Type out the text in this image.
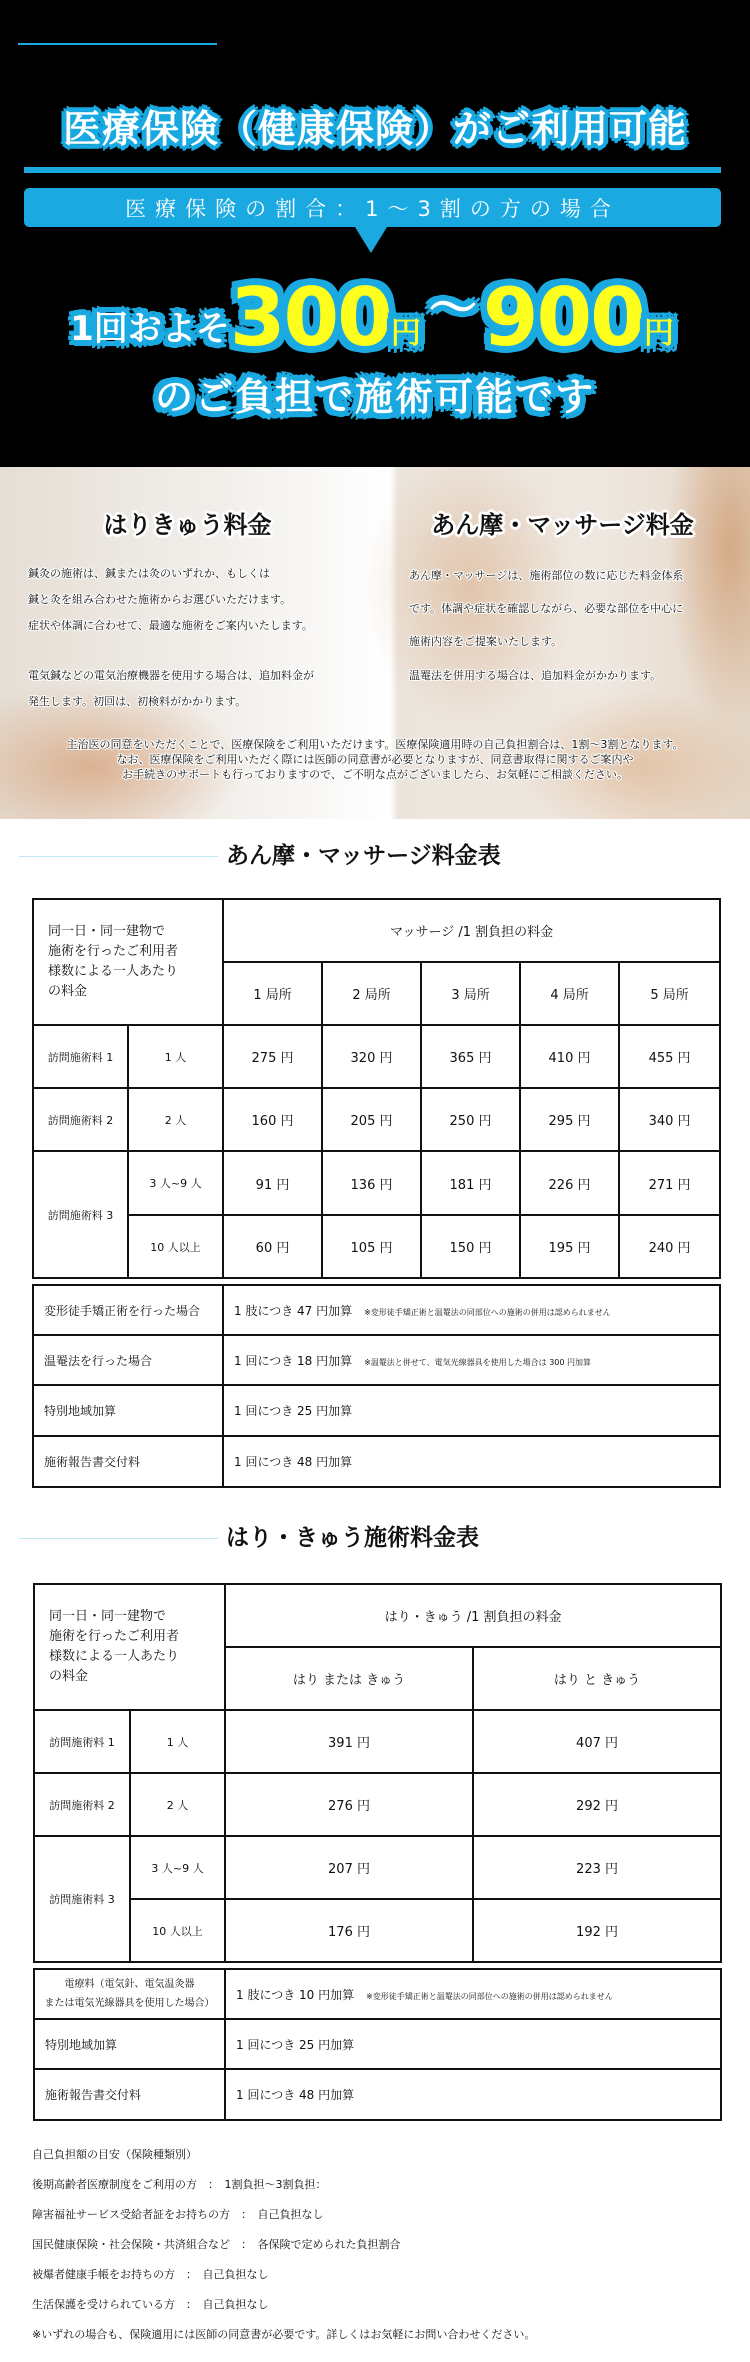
医療保険（健康保険）がご利用可能
医療保険の割合：1～3割の方の場合
1回およそ 300 円 ～ 900 円
のご負担で施術可能です
はりきゅう料金

鍼灸の施術は、鍼または灸のいずれか、もしくは

鍼と灸を組み合わせた施術からお選びいただけます。

症状や体調に合わせて、最適な施術をご案内いたします。

電気鍼などの電気治療機器を使用する場合は、追加料金が

発生します。初回は、初検料がかかります。

あん摩・マッサージ料金

あん摩・マッサージは、施術部位の数に応じた料金体系

です。体調や症状を確認しながら、必要な部位を中心に

施術内容をご提案いたします。

温罨法を併用する場合は、追加料金がかかります。

主治医の同意をいただくことで、医療保険をご利用いただけます。医療保険適用時の自己負担割合は、1割～3割となります。
なお、医療保険をご利用いただく際には医師の同意書が必要となりますが、同意書取得に関するご案内や
お手続きのサポートも行っておりますので、ご不明な点がございましたら、お気軽にご相談ください。
あん摩・マッサージ料金表
同一日・同一建物で
施術を行ったご利用者
様数による一人あたり
の料金		マッサージ /1 割負担の料金				
		1 局所	2 局所	3 局所	4 局所	5 局所
訪問施術料 1	1 人	275 円	320 円	365 円	410 円	455 円
訪問施術料 2	2 人	160 円	205 円	250 円	295 円	340 円
訪問施術料 3	3 人~9 人	91 円	136 円	181 円	226 円	271 円
	10 人以上	60 円	105 円	150 円	195 円	240 円
変形徒手矯正術を行った場合	1 肢につき 47 円加算 ※変形徒手矯正術と温罨法の同部位への施術の併用は認められません
温罨法を行った場合	1 回につき 18 円加算 ※温罨法と併せて、電気光線器具を使用した場合は 300 円加算
特別地域加算	1 回につき 25 円加算
施術報告書交付料	1 回につき 48 円加算
はり・きゅう施術料金表
同一日・同一建物で
施術を行ったご利用者
様数による一人あたり
の料金		はり・きゅう /1 割負担の料金	
		はり または きゅう	はり と きゅう
訪問施術料 1	1 人	391 円	407 円
訪問施術料 2	2 人	276 円	292 円
訪問施術料 3	3 人~9 人	207 円	223 円
	10 人以上	176 円	192 円
電療料（電気針、電気温灸器
または電気光線器具を使用した場合）	1 肢につき 10 円加算 ※変形徒手矯正術と温罨法の同部位への施術の併用は認められません
特別地域加算	1 回につき 25 円加算
施術報告書交付料	1 回につき 48 円加算

自己負担額の目安（保険種類別）

後期高齢者医療制度をご利用の方　：　1割負担～3割負担：

障害福祉サービス受給者証をお持ちの方　：　自己負担なし

国民健康保険・社会保険・共済組合など　：　各保険で定められた負担割合

被爆者健康手帳をお持ちの方　：　自己負担なし

生活保護を受けられている方　：　自己負担なし

※いずれの場合も、保険適用には医師の同意書が必要です。詳しくはお気軽にお問い合わせください。
